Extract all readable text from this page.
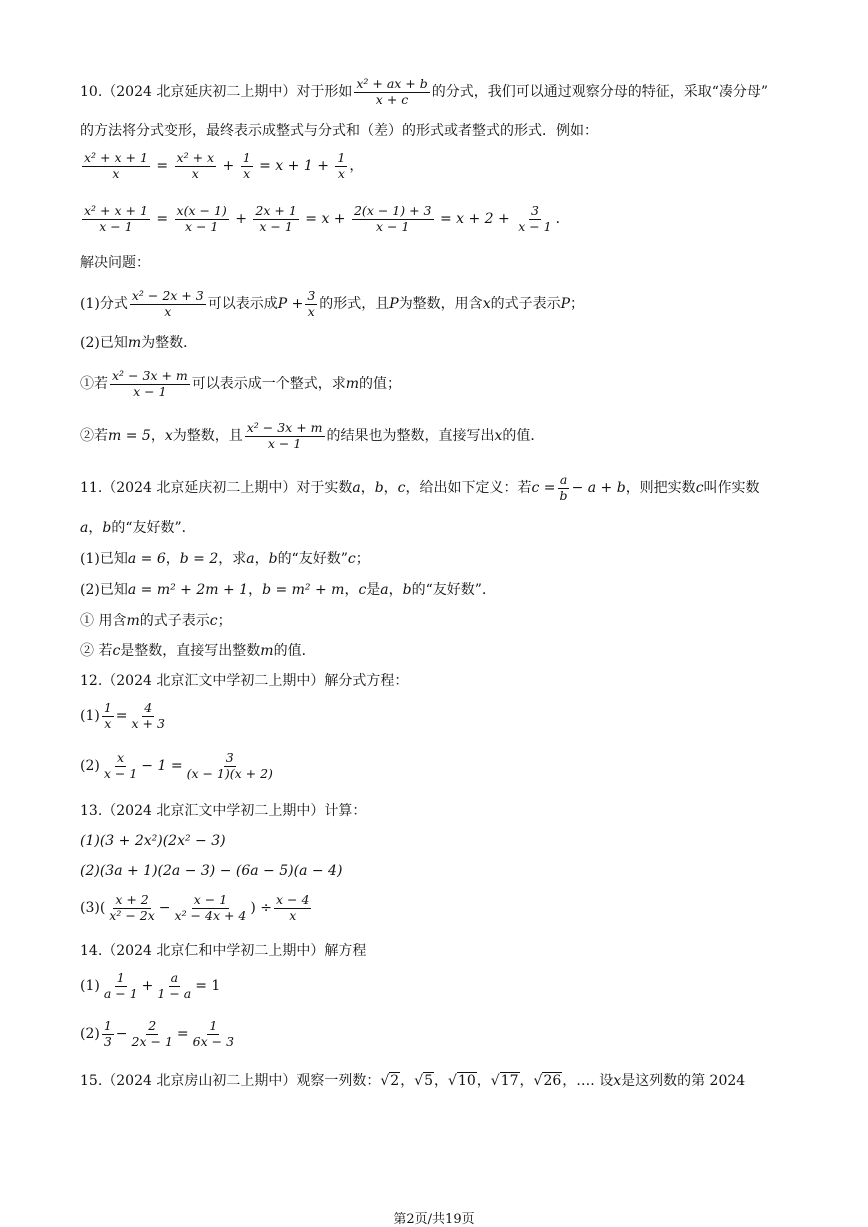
10.（2024 北京延庆初二上期中）对于形如 $\frac{\text{x² + ax + b}}{x + c}$ 的分式，我们可以通过观察分母的特征，采取“凑分母”
的方法将分式变形，最终表示成整式与分式和（差）的形式或者整式的形式．例如：
$\frac{\text{x² + x + 1}}{x} = \frac{\text{x² + x}}{x} + \frac{1}{x} = x + 1 + \frac{1}{x}$ ，
$\frac{\text{x² + x + 1}}{x - 1} = \frac{x(x - 1)}{x - 1} + \frac{2x + 1}{x - 1} = x + \frac{2(x - 1) + 3}{x - 1} = x + 2 + \frac{3}{x - 1}$ ．
解决问题：
(1)分式 $\frac{\text{x² − 2x + 3}}{x}$ 可以表示成$P + \frac{3}{x}$ 的形式，且P为整数，用含x的式子表示P；
(2)已知m为整数．
①若 $\frac{\text{x² − 3x + m}}{x - 1}$ 可以表示成一个整式，求m的值；
②若m = 5，x为整数，且 $\frac{\text{x² − 3x + m}}{x - 1}$ 的结果也为整数，直接写出x的值．
11.（2024 北京延庆初二上期中）对于实数a，b，c，给出如下定义：若$c = \frac{a}{b} - a + b$，则把实数c叫作实数
a，b的“友好数”．
(1)已知a = 6，b = 2，求a，b的“友好数”c；
(2)已知a = m² + 2m + 1，b = m² + m，c是a，b的“友好数”．
① 用含m的式子表示c；
② 若c是整数，直接写出整数m的值．
12.（2024 北京汇文中学初二上期中）解分式方程：
$(1) \frac{1}{x} = \frac{4}{x + 3}$
$(2) \frac{x}{x - 1} - 1 = \frac{3}{(x - 1)(x + 2)}$
13.（2024 北京汇文中学初二上期中）计算：
(1)(3 + 2x²)(2x² − 3)
(2)(3a + 1)(2a − 3) − (6a − 5)(a − 4)
$(3)( \frac{x + 2}{\text{x² − 2x}} - \frac{x - 1}{\text{x² − 4x + 4}}$ ) ÷ $\frac{x - 4}{x}$
14.（2024 北京仁和中学初二上期中）解方程
$(1) \frac{1}{a - 1} + \frac{a}{1 - a} = 1$
$(2) \frac{1}{3} - \frac{2}{2x - 1} = \frac{1}{6x - 3}$
15.（2024 北京房山初二上期中）观察一列数：√2，√5，√10，√17，√26，…. 设x是这列数的第 2024
第2页/共19页
